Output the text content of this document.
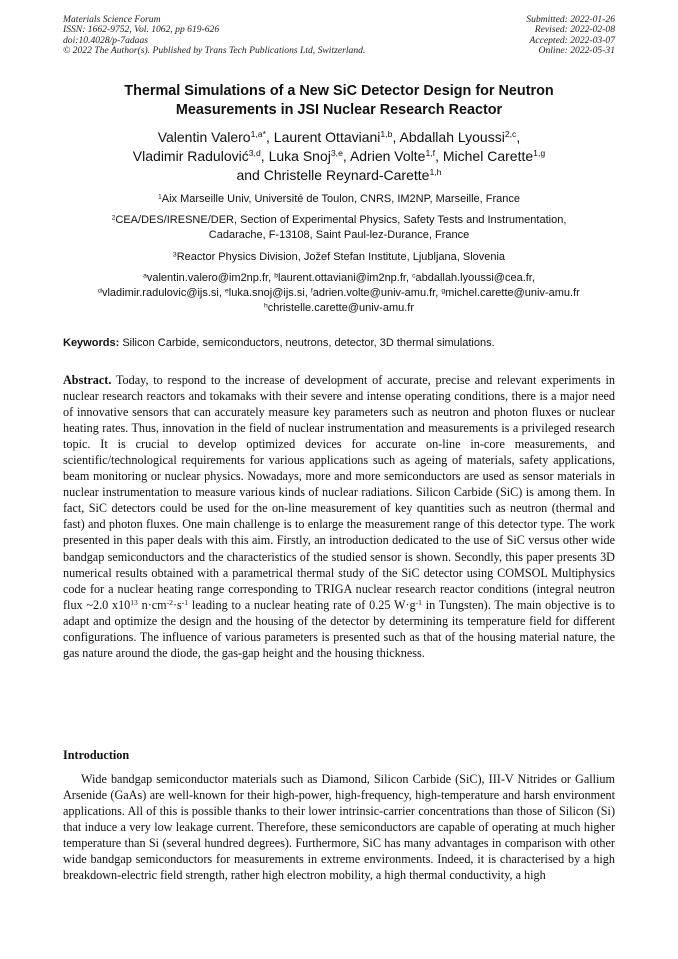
Materials Science Forum
ISSN: 1662-9752, Vol. 1062, pp 619-626
doi:10.4028/p-7adaas
© 2022 The Author(s). Published by Trans Tech Publications Ltd, Switzerland.
Submitted: 2022-01-26
Revised: 2022-02-08
Accepted: 2022-03-07
Online: 2022-05-31
Thermal Simulations of a New SiC Detector Design for Neutron
Measurements in JSI Nuclear Research Reactor
Valentin Valero$^{1,a*}$, Laurent Ottaviani$^{1,b}$, Abdallah Lyoussi$^{2,c}$,
Vladimir Radulović$^{3,d}$, Luka Snoj$^{3,e}$, Adrien Volte$^{1,f}$, Michel Carette$^{1,g}$
and Christelle Reynard-Carette$^{1,h}$
$^1$Aix Marseille Univ, Université de Toulon, CNRS, IM2NP, Marseille, France
$^2$CEA/DES/IRESNE/DER, Section of Experimental Physics, Safety Tests and Instrumentation,
Cadarache, F-13108, Saint Paul-lez-Durance, France
$^3$Reactor Physics Division, Jožef Stefan Institute, Ljubljana, Slovenia
$^a$valentin.valero@im2np.fr, $^b$laurent.ottaviani@im2np.fr, $^c$abdallah.lyoussi@cea.fr,
$^d$vladimir.radulovic@ijs.si, $^e$luka.snoj@ijs.si, $^f$adrien.volte@univ-amu.fr, $^g$michel.carette@univ-amu.fr
$^h$christelle.carette@univ-amu.fr
Keywords: Silicon Carbide, semiconductors, neutrons, detector, 3D thermal simulations.
Abstract. Today, to respond to the increase of development of accurate, precise and relevant experiments in nuclear research reactors and tokamaks with their severe and intense operating conditions, there is a major need of innovative sensors that can accurately measure key parameters such as neutron and photon fluxes or nuclear heating rates. Thus, innovation in the field of nuclear instrumentation and measurements is a privileged research topic. It is crucial to develop optimized devices for accurate on-line in-core measurements, and scientific/technological requirements for various applications such as ageing of materials, safety applications, beam monitoring or nuclear physics. Nowadays, more and more semiconductors are used as sensor materials in nuclear instrumentation to measure various kinds of nuclear radiations. Silicon Carbide (SiC) is among them. In fact, SiC detectors could be used for the on-line measurement of key quantities such as neutron (thermal and fast) and photon fluxes. One main challenge is to enlarge the measurement range of this detector type. The work presented in this paper deals with this aim. Firstly, an introduction dedicated to the use of SiC versus other wide bandgap semiconductors and the characteristics of the studied sensor is shown. Secondly, this paper presents 3D numerical results obtained with a parametrical thermal study of the SiC detector using COMSOL Multiphysics code for a nuclear heating range corresponding to TRIGA nuclear research reactor conditions (integral neutron flux ~2.0 $x10^{13}$ $n\cdot cm^{-2}\cdot s^{-1}$ leading to a nuclear heating rate of 0.25 $W\cdot g^{-1}$ in Tungsten). The main objective is to adapt and optimize the design and the housing of the detector by determining its temperature field for different configurations. The influence of various parameters is presented such as that of the housing material nature, the gas nature around the diode, the gas-gap height and the housing thickness.
Introduction
Wide bandgap semiconductor materials such as Diamond, Silicon Carbide (SiC), III-V Nitrides or Gallium Arsenide (GaAs) are well-known for their high-power, high-frequency, high-temperature and harsh environment applications. All of this is possible thanks to their lower intrinsic-carrier concentrations than those of Silicon (Si) that induce a very low leakage current. Therefore, these semiconductors are capable of operating at much higher temperature than Si (several hundred degrees). Furthermore, SiC has many advantages in comparison with other wide bandgap semiconductors for measurements in extreme environments. Indeed, it is characterised by a high breakdown-electric field strength, rather high electron mobility, a high thermal conductivity, a high
